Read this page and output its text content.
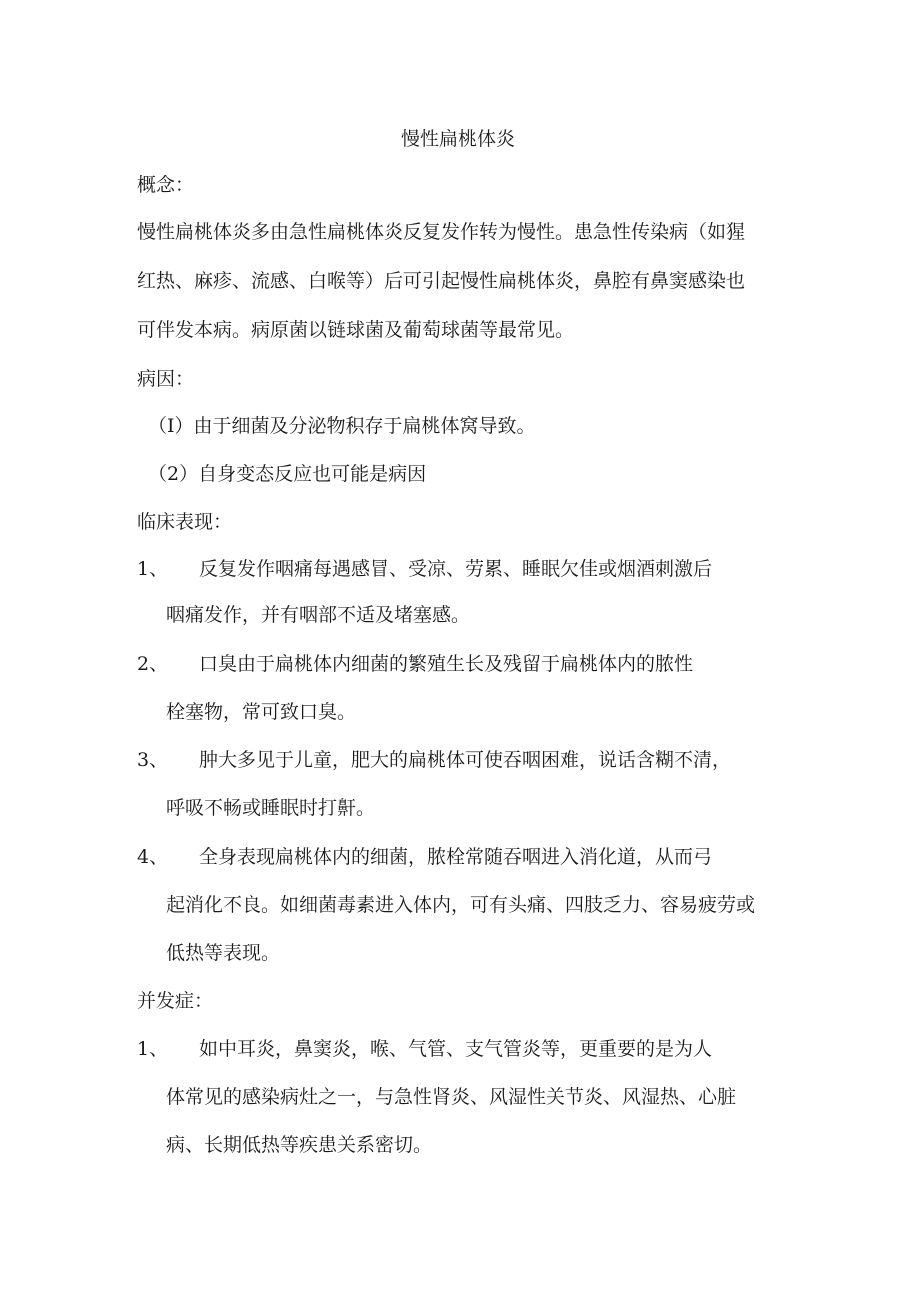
慢性扁桃体炎
概念：
慢性扁桃体炎多由急性扁桃体炎反复发作转为慢性。患急性传染病（如猩
红热、麻疹、流感、白喉等）后可引起慢性扁桃体炎，鼻腔有鼻窦感染也
可伴发本病。病原菌以链球菌及葡萄球菌等最常见。
病因：
（I）由于细菌及分泌物积存于扁桃体窝导致。
（2）自身变态反应也可能是病因
临床表现：
1、 反复发作咽痛每遇感冒、受凉、劳累、睡眠欠佳或烟酒刺激后
咽痛发作，并有咽部不适及堵塞感。
2、 口臭由于扁桃体内细菌的繁殖生长及残留于扁桃体内的脓性
栓塞物，常可致口臭。
3、 肿大多见于儿童，肥大的扁桃体可使吞咽困难，说话含糊不清，
呼吸不畅或睡眠时打鼾。
4、 全身表现扁桃体内的细菌，脓栓常随吞咽进入消化道，从而弓
起消化不良。如细菌毒素进入体内，可有头痛、四肢乏力、容易疲劳或
低热等表现。
并发症：
1、 如中耳炎，鼻窦炎，喉、气管、支气管炎等，更重要的是为人
体常见的感染病灶之一，与急性肾炎、风湿性关节炎、风湿热、心脏
病、长期低热等疾患关系密切。
